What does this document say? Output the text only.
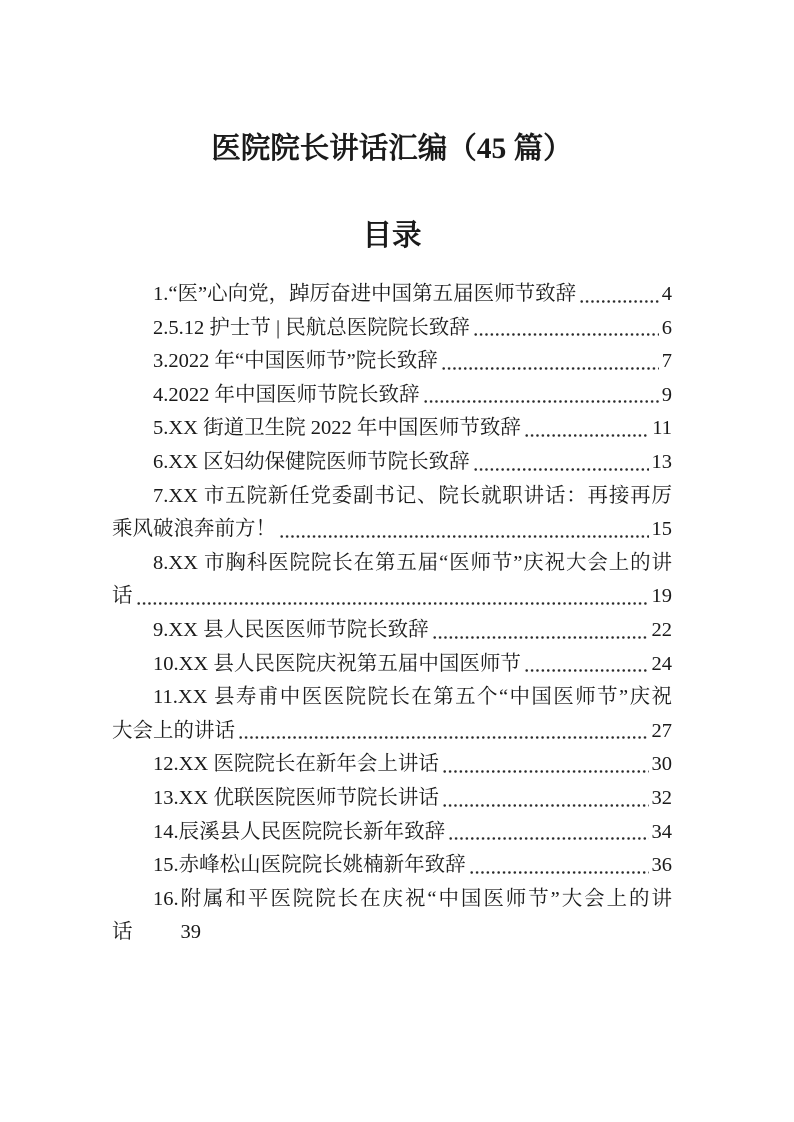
医院院长讲话汇编（45 篇）
目录
1.“医”心向党，踔厉奋进中国第五届医师节致辞	4
2.5.12 护士节 | 民航总医院院长致辞	6
3.2022 年“中国医师节”院长致辞	7
4.2022 年中国医师节院长致辞	9
5.XX 街道卫生院 2022 年中国医师节致辞	11
6.XX 区妇幼保健院医师节院长致辞	13
7.XX 市五院新任党委副书记、院长就职讲话：再接再厉
乘风破浪奔前方！	15
8.XX 市胸科医院院长在第五届“医师节”庆祝大会上的讲
话	19
9.XX 县人民医医师节院长致辞	22
10.XX 县人民医院庆祝第五届中国医师节	24
11.XX 县寿甫中医医院院长在第五个“中国医师节”庆祝
大会上的讲话	27
12.XX 医院院长在新年会上讲话	30
13.XX 优联医院医师节院长讲话	32
14.辰溪县人民医院院长新年致辞	34
15.赤峰松山医院院长姚楠新年致辞	36
16.附属和平医院院长在庆祝“中国医师节”大会上的讲
话 39
